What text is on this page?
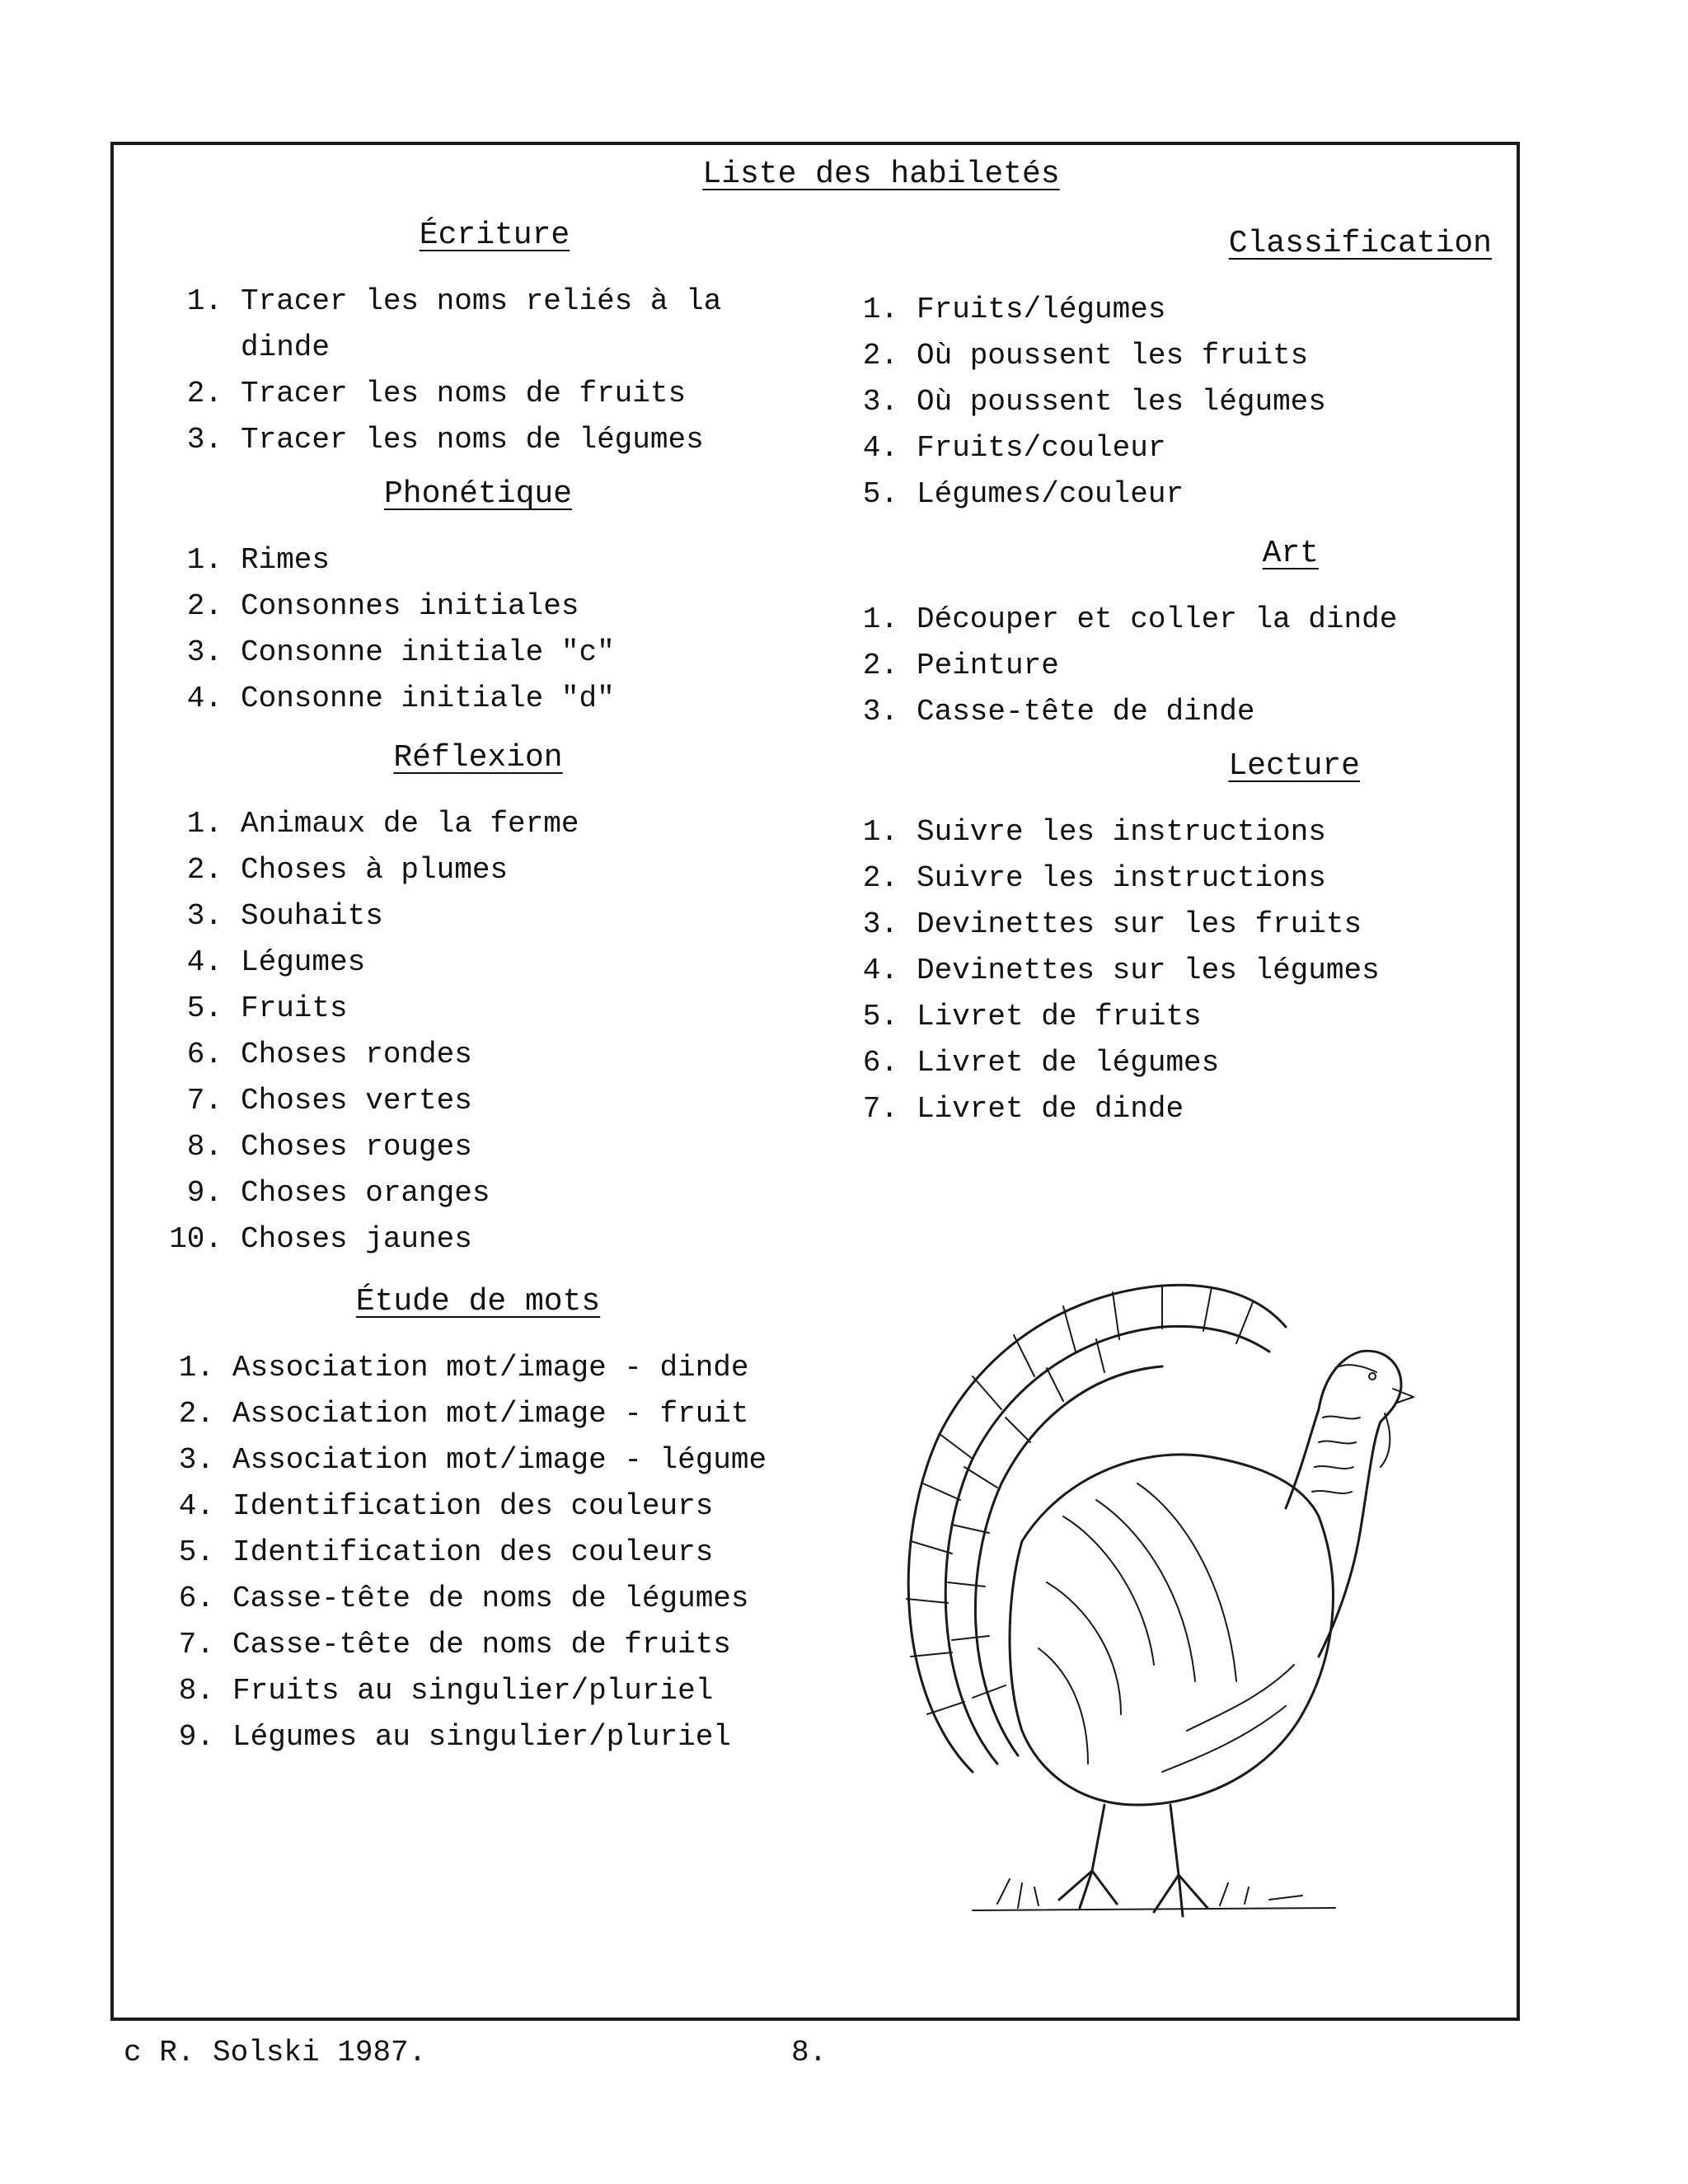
Liste des habiletés
Écriture
1. Tracer les noms reliés à la dinde
2. Tracer les noms de fruits
3. Tracer les noms de légumes
Phonétique
1. Rimes
2. Consonnes initiales
3. Consonne initiale "c"
4. Consonne initiale "d"
Réflexion
1. Animaux de la ferme
2. Choses à plumes
3. Souhaits
4. Légumes
5. Fruits
6. Choses rondes
7. Choses vertes
8. Choses rouges
9. Choses oranges
10. Choses jaunes
Étude de mots
1. Association mot/image - dinde
2. Association mot/image - fruit
3. Association mot/image - légume
4. Identification des couleurs
5. Identification des couleurs
6. Casse-tête de noms de légumes
7. Casse-tête de noms de fruits
8. Fruits au singulier/pluriel
9. Légumes au singulier/pluriel
Classification
1. Fruits/légumes
2. Où poussent les fruits
3. Où poussent les légumes
4. Fruits/couleur
5. Légumes/couleur
Art
1. Découper et coller la dinde
2. Peinture
3. Casse-tête de dinde
Lecture
1. Suivre les instructions
2. Suivre les instructions
3. Devinettes sur les fruits
4. Devinettes sur les légumes
5. Livret de fruits
6. Livret de légumes
7. Livret de dinde
c R. Solski 1987.	8.
